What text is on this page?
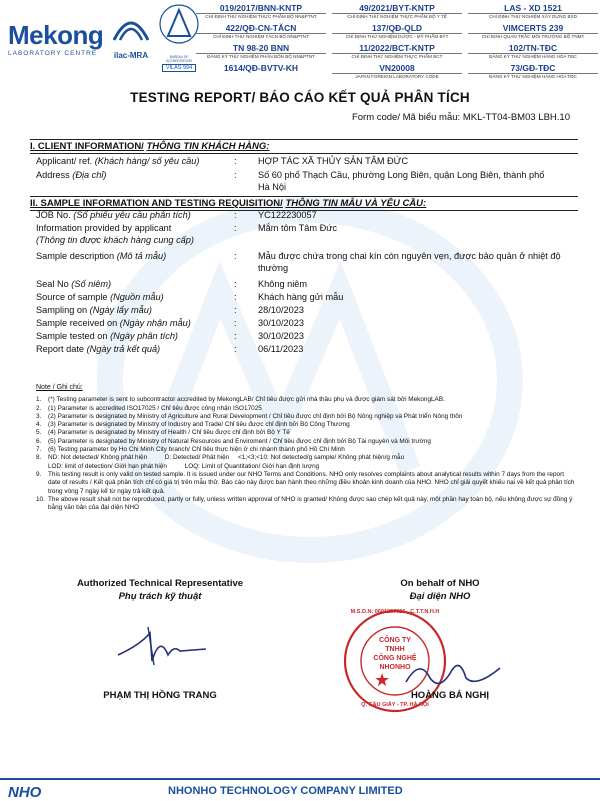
Mekong
LABORATORY CENTRE	ilac-MRA	BUREAU OF ACCREDITATION
VILAS 994
019/2017/BNN-KNTP
CHỈ ĐỊNH THỬ NGHIỆM THỰC PHẨM BỘ NN&PTNT
49/2021/BYT-KNTP
CHỈ ĐỊNH THỬ NGHIỆM THỰC PHẨM BỘ Y TẾ
LAS - XD 1521
CHỈ ĐỊNH THỬ NGHIỆM XÂY DỰNG BXD
422/QĐ-CN-TĂCN
CHỈ ĐỊNH THỬ NGHIỆM TĂCN BỘ NN&PTNT
137/QĐ-QLD
CHỈ ĐỊNH THỬ NGHIỆM DƯỢC - MỸ PHẨM BYT
VIMCERTS 239
CHỈ ĐỊNH QUAN TRẮC MÔI TRƯỜNG BỘ TNMT
TN 98-20 BNN
ĐĂNG KÝ THỬ NGHIỆM PHÂN BÓN BỘ NN&PTNT
11/2022/BCT-KNTP
CHỈ ĐỊNH THỬ NGHIỆM THỰC PHẨM BCT
102/TN-TĐC
ĐĂNG KÝ THỬ NGHIỆM HÀNG HÓA TĐC
1614/QĐ-BVTV-KH	VN20008
JAPAN FOREIGN LABORATORY CODE
73/GĐ-TĐC
ĐĂNG KÝ THỬ NGHIỆM HÀNG HÓA TĐC
TESTING REPORT/ BÁO CÁO KẾT QUẢ PHÂN TÍCH
Form code/ Mã biểu mẫu: MKL-TT04-BM03 LBH.10
I. CLIENT INFORMATION/ THÔNG TIN KHÁCH HÀNG:
Applicant/ ref. (Khách hàng/ số yêu cầu)	: HỢP TÁC XÃ THỦY SẢN TÂM ĐỨC
Address (Địa chỉ)	: Số 60 phố Thạch Cầu, phường Long Biên, quận Long Biên, thành phố Hà Nội
II. SAMPLE INFORMATION AND TESTING REQUISITION/ THÔNG TIN MẪU VÀ YÊU CẦU:
JOB No. (Số phiếu yêu cầu phân tích)	: YC122230057
Information provided by applicant
(Thông tin được khách hàng cung cấp)
: Mắm tôm Tâm Đức
Sample description (Mô tả mẫu)	: Mẫu được chứa trong chai kín còn nguyên vẹn, được bảo quản ở nhiệt độ thường
Seal No (Số niêm)	: Không niêm
Source of sample (Nguồn mẫu)	: Khách hàng gửi mẫu
Sampling on (Ngày lấy mẫu)	: 28/10/2023
Sample received on (Ngày nhận mẫu)	: 30/10/2023
Sample tested on (Ngày phân tích)	: 30/10/2023
Report date (Ngày trả kết quả)	: 06/11/2023
Note / Ghi chú:
1.	(*) Testing parameter is sent to subcontractor accredited by MekongLAB/ Chỉ tiêu được gửi nhà thầu phụ và được giám sát bởi MekongLAB.
2.	(1) Parameter is accredited ISO17025 / Chỉ tiêu được công nhận ISO17025
3.	(2) Parameter is designated by Ministry of Agriculture and Rural Development / Chỉ tiêu được chỉ định bởi Bộ Nông nghiệp và Phát triển Nông thôn
4.	(3) Parameter is designated by Ministry of Industry and Trade/ Chỉ tiêu được chỉ định bởi Bộ Công Thương
5.	(4) Parameter is designated by Ministry of Health / Chỉ tiêu được chỉ định bởi Bộ Y Tế
6.	(5) Parameter is designated by Ministry of Natural Resources and Enviroment / Chỉ tiêu được chỉ định bởi Bộ Tài nguyên và Môi trường
7.	(6) Testing parameter by Ho Chi Minh City branch/ Chỉ tiêu thực hiện ở chi nhánh thành phố Hồ Chí Minh
8.	ND: Not detected/ Không phát hiện          D: Detected/ Phát hiện     <1;<3;<10: Not detected/g sample/ Không phát hiện/g mẫu
LOD: limit of detection/ Giới hạn phát hiện          LOQ: Limit of Quantitation/ Giới hạn định lượng
9.	This testing result is only valid on tested sample. It is issued under our NHO Terms and Conditions. NHO only resolves complaints about analytical results within 7 days from the report date of results / Kết quả phân tích chỉ có giá trị trên mẫu thử. Báo cáo này được ban hành theo những điều khoản kinh doanh của NHO. NHO chỉ giải quyết khiếu nại về kết quả phân tích trong vòng 7 ngày kể từ ngày trả kết quả.
10. The above result shall not be reproduced, partly or fully, unless written approval of NHO is granted/ Không được sao chép kết quả này, một phần hay toàn bộ, nếu không được sự đồng ý bằng văn bản của đại diện NHO
Authorized Technical Representative
Phụ trách kỹ thuật
PHẠM THỊ HỒNG TRANG
On behalf of NHO
Đại diện NHO
★
M.S.D.N: 0601257026 - C.T.T.N.H.H
CÔNG TY
TNHH
CÔNG NGHỆ
NHONHO
Q. CẦU GIẤY - TP. HÀ NỘI
HOÀNG BÁ NGHỊ
NHO	NHONHO TECHNOLOGY COMPANY LIMITED
